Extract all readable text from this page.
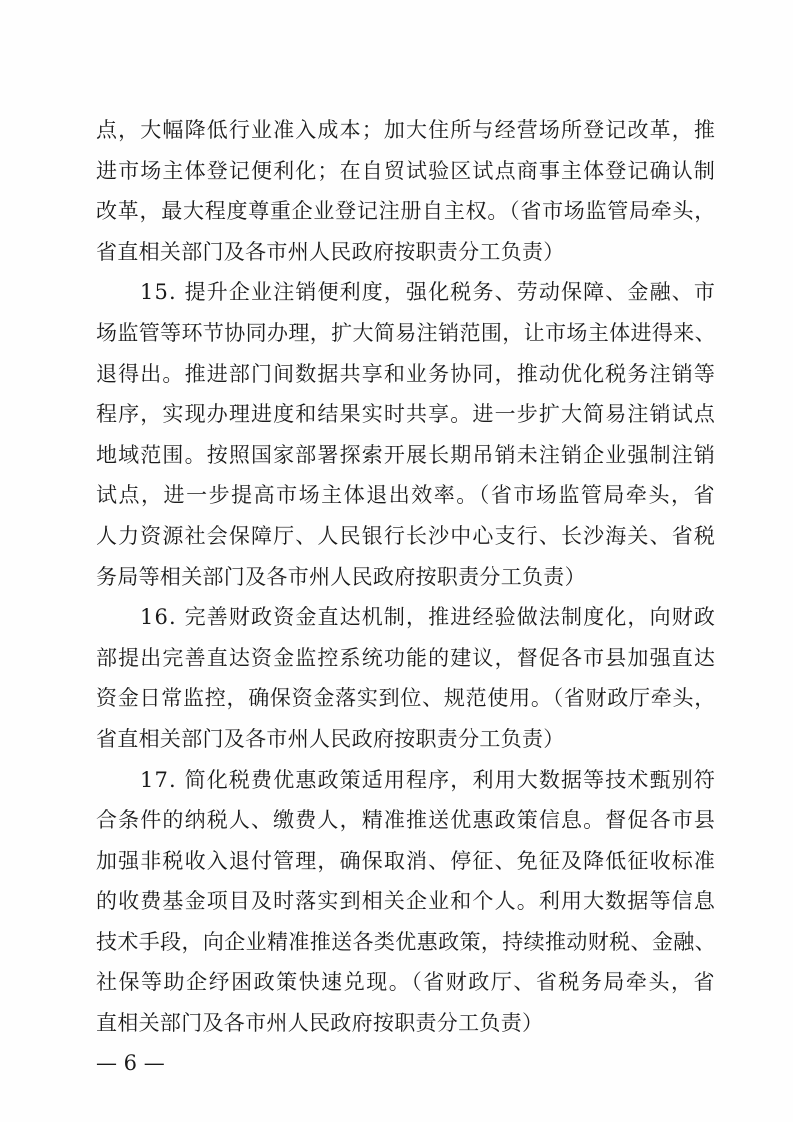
点，大幅降低行业准入成本；加大住所与经营场所登记改革，推
进市场主体登记便利化；在自贸试验区试点商事主体登记确认制
改革，最大程度尊重企业登记注册自主权。（省市场监管局牵头，
省直相关部门及各市州人民政府按职责分工负责）
15. 提升企业注销便利度，强化税务、劳动保障、金融、市
场监管等环节协同办理，扩大简易注销范围，让市场主体进得来、
退得出。推进部门间数据共享和业务协同，推动优化税务注销等
程序，实现办理进度和结果实时共享。进一步扩大简易注销试点
地域范围。按照国家部署探索开展长期吊销未注销企业强制注销
试点，进一步提高市场主体退出效率。（省市场监管局牵头，省
人力资源社会保障厅、人民银行长沙中心支行、长沙海关、省税
务局等相关部门及各市州人民政府按职责分工负责）
16. 完善财政资金直达机制，推进经验做法制度化，向财政
部提出完善直达资金监控系统功能的建议，督促各市县加强直达
资金日常监控，确保资金落实到位、规范使用。（省财政厅牵头，
省直相关部门及各市州人民政府按职责分工负责）
17. 简化税费优惠政策适用程序，利用大数据等技术甄别符
合条件的纳税人、缴费人，精准推送优惠政策信息。督促各市县
加强非税收入退付管理，确保取消、停征、免征及降低征收标准
的收费基金项目及时落实到相关企业和个人。利用大数据等信息
技术手段，向企业精准推送各类优惠政策，持续推动财税、金融、
社保等助企纾困政策快速兑现。（省财政厅、省税务局牵头，省
直相关部门及各市州人民政府按职责分工负责）
— 6 —
